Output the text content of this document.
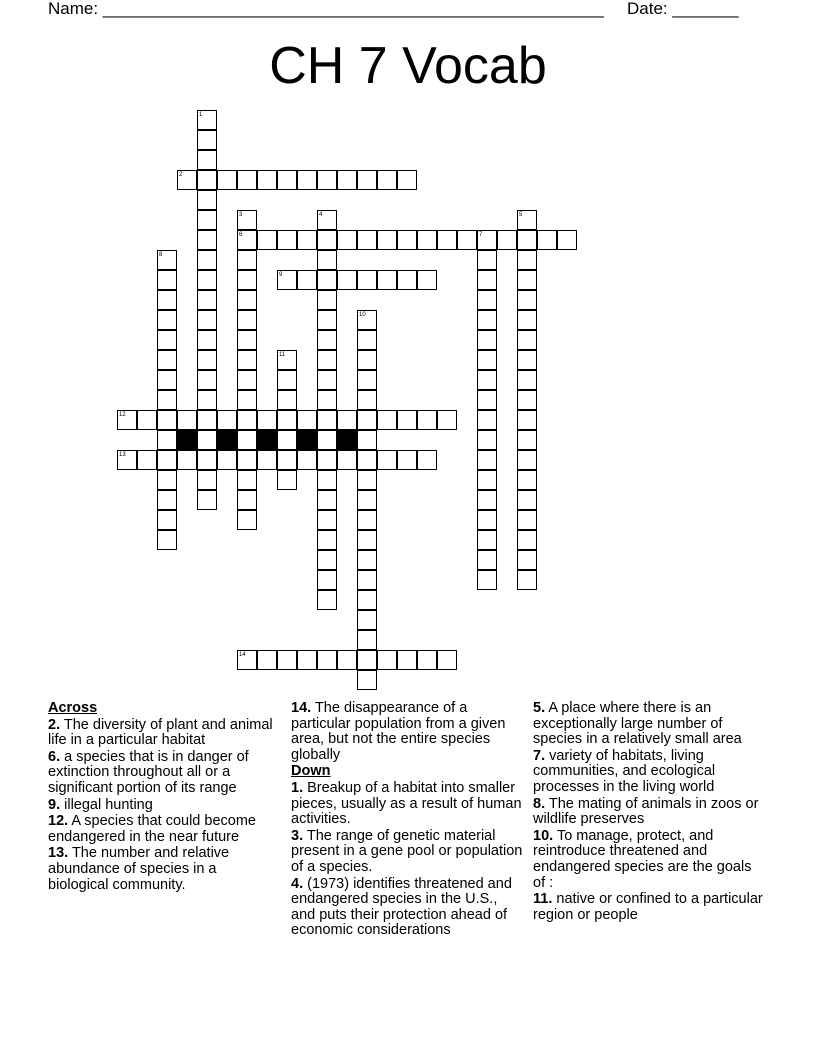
Name: _____________________________________________________ Date: _______
CH 7 Vocab
1
2
3	4	5
6	7
8
9
10
11
12
13
14
Across
2. The diversity of plant and animal life in a particular habitat
6. a species that is in danger of extinction throughout all or a significant portion of its range
9. illegal hunting
12. A species that could become endangered in the near future
13. The number and relative abundance of species in a biological community.
14. The disappearance of a particular population from a given area, but not the entire species globally
Down
1. Breakup of a habitat into smaller pieces, usually as a result of human activities.
3. The range of genetic material present in a gene pool or population of a species.
4. (1973) identifies threatened and endangered species in the U.S., and puts their protection ahead of economic considerations
5. A place where there is an exceptionally large number of species in a relatively small area
7. variety of habitats, living communities, and ecological processes in the living world
8. The mating of animals in zoos or wildlife preserves
10. To manage, protect, and reintroduce threatened and endangered species are the goals of :
11. native or confined to a particular region or people
